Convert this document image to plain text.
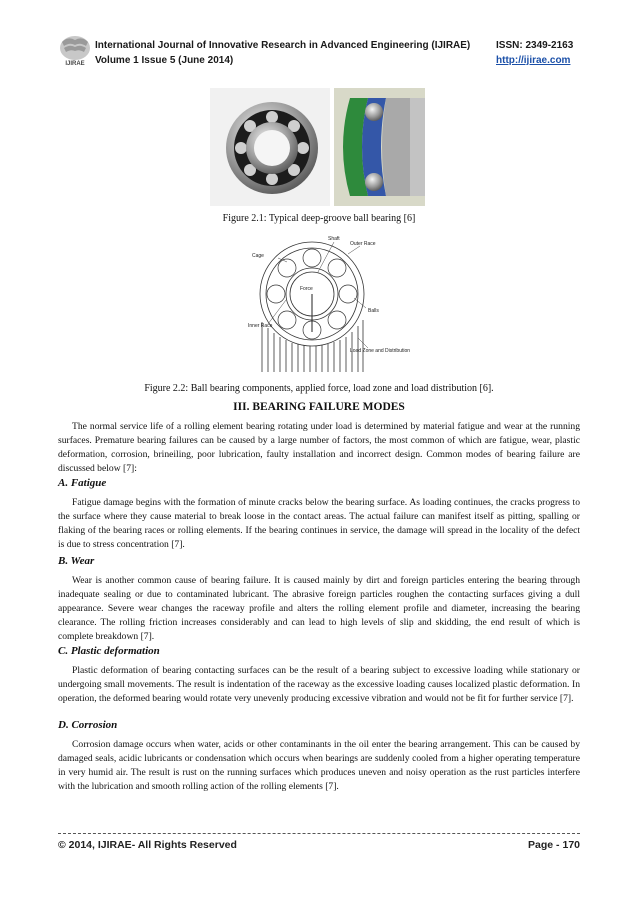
IJIRAE
International Journal of Innovative Research in Advanced Engineering (IJIRAE)
Volume 1 Issue 5 (June 2014)
ISSN: 2349-2163
http://ijirae.com
Figure 2.1: Typical deep-groove ball bearing [6]
Shaft
Outer Race
Cage
Force
Inner Race
Balls
Load Zone and Distribution
Figure 2.2: Ball bearing components, applied force, load zone and load distribution [6].
III. BEARING FAILURE MODES
The normal service life of a rolling element bearing rotating under load is determined by material fatigue and wear at the running surfaces. Premature bearing failures can be caused by a large number of factors, the most common of which are fatigue, wear, plastic deformation, corrosion, brineiling, poor lubrication, faulty installation and incorrect design. Common modes of bearing failure are discussed below [7]:
A. Fatigue
Fatigue damage begins with the formation of minute cracks below the bearing surface. As loading continues, the cracks progress to the surface where they cause material to break loose in the contact areas. The actual failure can manifest itself as pitting, spalling or flaking of the bearing races or rolling elements. If the bearing continues in service, the damage will spread in the locality of the defect is due to stress concentration [7].
B. Wear
Wear is another common cause of bearing failure. It is caused mainly by dirt and foreign particles entering the bearing through inadequate sealing or due to contaminated lubricant. The abrasive foreign particles roughen the contacting surfaces giving a dull appearance. Severe wear changes the raceway profile and alters the rolling element profile and diameter, increasing the bearing clearance. The rolling friction increases considerably and can lead to high levels of slip and skidding, the end result of which is complete breakdown [7].
C. Plastic deformation
Plastic deformation of bearing contacting surfaces can be the result of a bearing subject to excessive loading while stationary or undergoing small movements. The result is indentation of the raceway as the excessive loading causes localized plastic deformation. In operation, the deformed bearing would rotate very unevenly producing excessive vibration and would not be fit for further service [7].
D. Corrosion
Corrosion damage occurs when water, acids or other contaminants in the oil enter the bearing arrangement. This can be caused by damaged seals, acidic lubricants or condensation which occurs when bearings are suddenly cooled from a higher operating temperature in very humid air. The result is rust on the running surfaces which produces uneven and noisy operation as the rust particles interfere with the lubrication and smooth rolling action of the rolling elements [7].
© 2014, IJIRAE- All Rights Reserved	Page - 170
